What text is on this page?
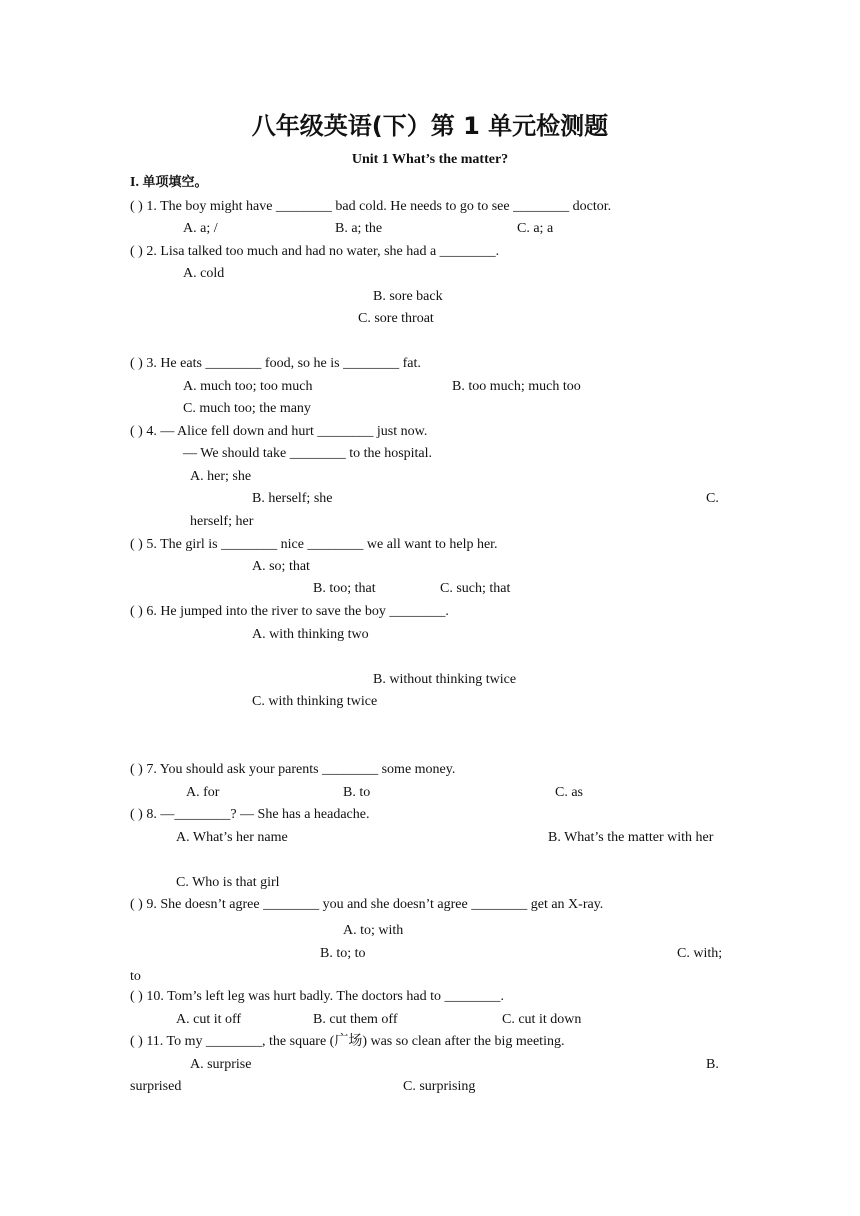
八年级英语(下）第 1 单元检测题
Unit 1 What’s the matter?
I. 单项填空。
( ) 1. The boy might have ________ bad cold. He needs to go to see ________ doctor.
A. a; /	B. a; the	C. a; a
( ) 2. Lisa talked too much and had no water, she had a ________.
A. cold
B. sore back
C. sore throat
( ) 3. He eats ________ food, so he is ________ fat.
A. much too; too much	B. too much; much too
C. much too; the many
( ) 4. — Alice fell down and hurt ________ just now.
— We should take ________ to the hospital.
A. her; she
B. herself; she	C.
herself; her
( ) 5. The girl is ________ nice ________ we all want to help her.
A. so; that
B. too; that	C. such; that
( ) 6. He jumped into the river to save the boy ________.
A. with thinking two
B. without thinking twice
C. with thinking twice
( ) 7. You should ask your parents ________ some money.
A. for	B. to	C. as
( ) 8. —________? — She has a headache.
A. What’s her name	B. What’s the matter with her
C. Who is that girl
( ) 9. She doesn’t agree ________ you and she doesn’t agree ________ get an X-ray.
A. to; with
B. to; to	C. with;
to
( ) 10. Tom’s left leg was hurt badly. The doctors had to ________.
A. cut it off	B. cut them off	C. cut it down
( ) 11. To my ________, the square (广场) was so clean after the big meeting.
A. surprise	B.
surprised	C. surprising
